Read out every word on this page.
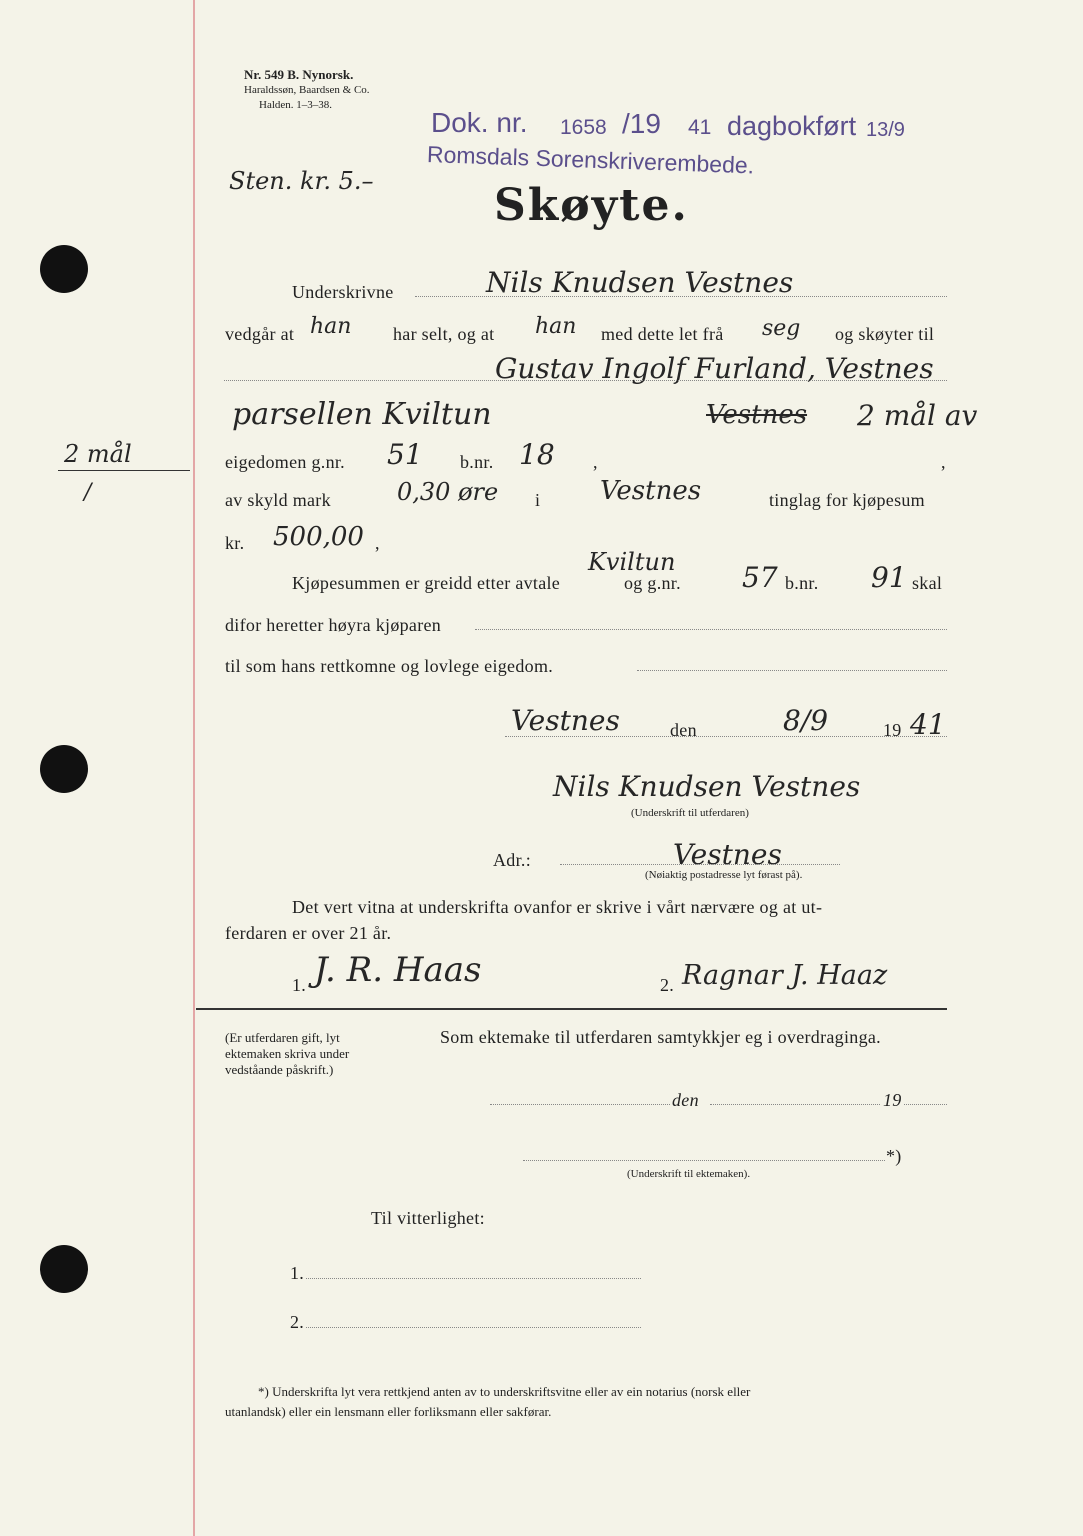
Nr. 549 B. Nynorsk.
Haraldssøn, Baardsen & Co.
Halden. 1–3–38.
Dok. nr. 1658 /19 41 dagbokført 13/9
Romsdals Sorenskriverembede.
Sten. kr. 5.–
2 mål
/
Skøyte.
Underskrivne	Nils Knudsen Vestnes
vedgår at han har selt, og at han med dette let frå seg og skøyter til
Gustav Ingolf Furland, Vestnes
parsellen Kviltun	Vestnes 2 mål av
eigedomen g.nr. 51 b.nr. 18 ,	,
av skyld mark	0,30 øre i Vestnes	tinglag for kjøpesum
kr. 500,00 ,
Kjøpesummen er greidd etter avtale
Kviltun
og g.nr. 57 b.nr. 91 skal
difor heretter høyra kjøparen
til som hans rettkomne og lovlege eigedom.
Vestnes	den	8/9	19 41
Nils Knudsen Vestnes
(Underskrift til utferdaren)
Adr.:	Vestnes
(Nøiaktig postadresse lyt førast på).
Det vert vitna at underskrifta ovanfor er skrive i vårt nærvære og at ut-
ferdaren er over 21 år.
1. J. R. Haas	2. Ragnar J. Haaz
(Er utferdaren gift, lyt
ektemaken skriva under
vedståande påskrift.)
Som ektemake til utferdaren samtykkjer eg i overdraginga.
den	19
*)
(Underskrift til ektemaken).
Til vitterlighet:
1.
2.
*) Underskrifta lyt vera rettkjend anten av to underskriftsvitne eller av ein notarius (norsk eller
utanlandsk) eller ein lensmann eller forliksmann eller sakførar.
